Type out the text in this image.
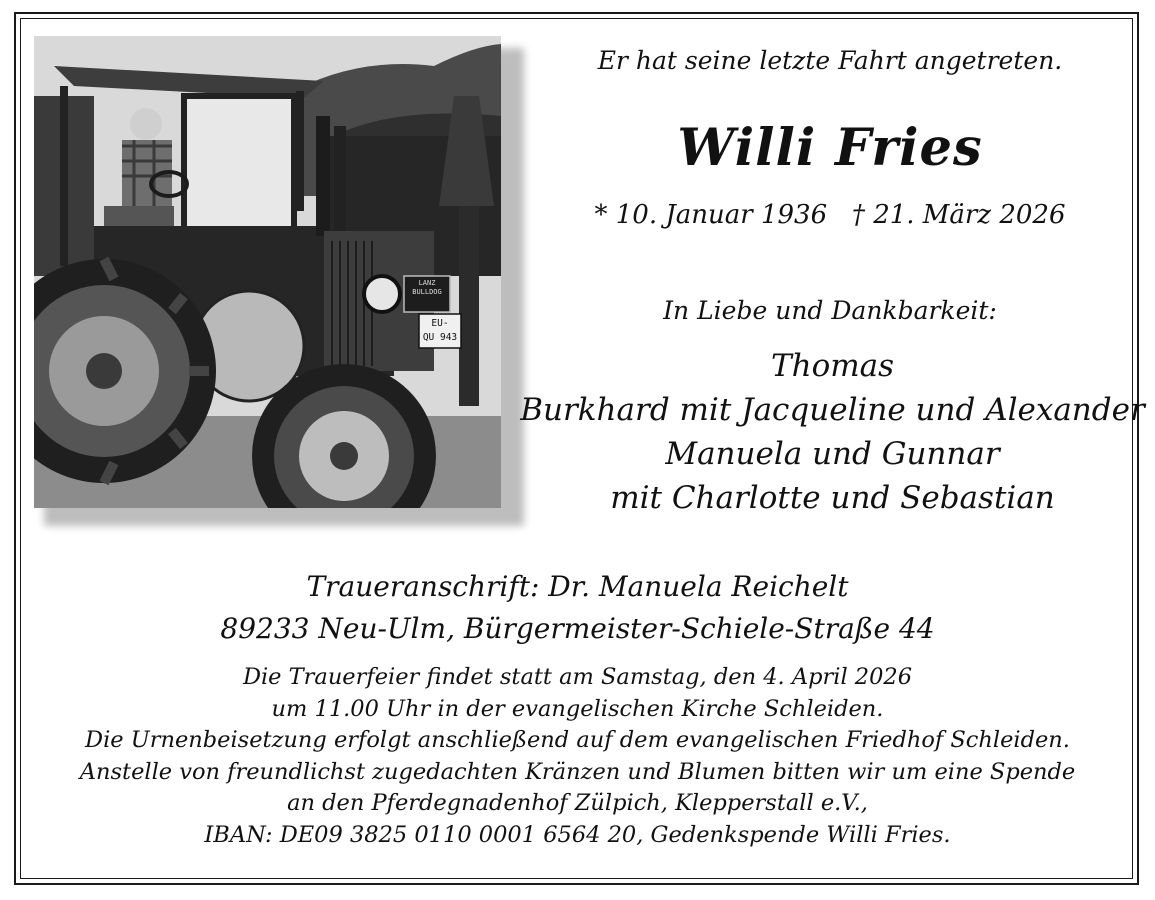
LANZ
BULLDOG
EU-
QU 943
Er hat seine letzte Fahrt angetreten.
Willi Fries
* 10. Januar 1936   † 21. März 2026
In Liebe und Dankbarkeit:
Thomas
Burkhard mit Jacqueline und Alexander
Manuela und Gunnar
mit Charlotte und Sebastian
Traueranschrift: Dr. Manuela Reichelt
89233 Neu-Ulm, Bürgermeister-Schiele-Straße 44
Die Trauerfeier findet statt am Samstag, den 4. April 2026
um 11.00 Uhr in der evangelischen Kirche Schleiden.
Die Urnenbeisetzung erfolgt anschließend auf dem evangelischen Friedhof Schleiden.
Anstelle von freundlichst zugedachten Kränzen und Blumen bitten wir um eine Spende
an den Pferdegnadenhof Zülpich, Klepperstall e.V.,
IBAN: DE09 3825 0110 0001 6564 20, Gedenkspende Willi Fries.
